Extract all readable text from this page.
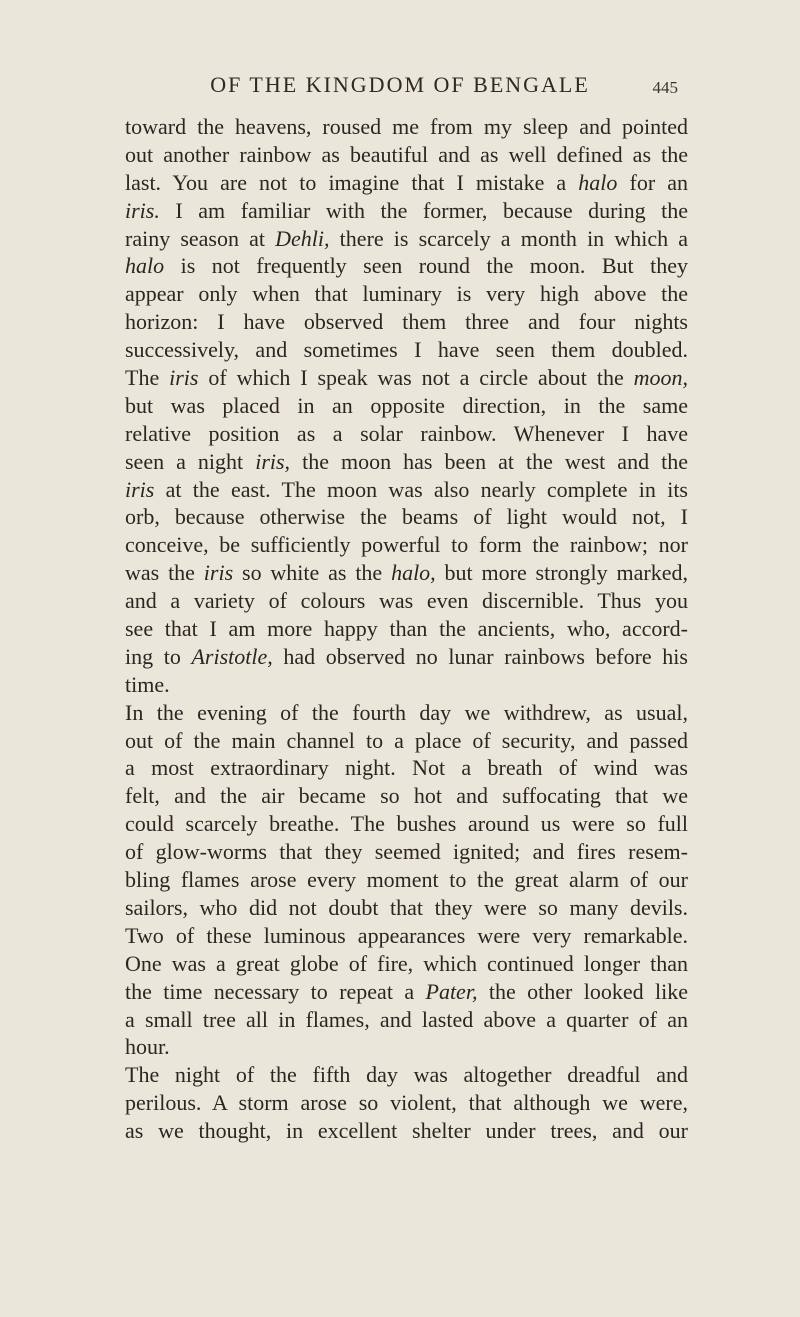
OF THE KINGDOM OF BENGALE	445
toward the heavens, roused me from my sleep and pointed
out another rainbow as beautiful and as well defined as the
last. You are not to imagine that I mistake a halo for an
iris. I am familiar with the former, because during the
rainy season at Dehli, there is scarcely a month in which a
halo is not frequently seen round the moon. But they
appear only when that luminary is very high above the
horizon: I have observed them three and four nights
successively, and sometimes I have seen them doubled.
The iris of which I speak was not a circle about the moon,
but was placed in an opposite direction, in the same
relative position as a solar rainbow. Whenever I have
seen a night iris, the moon has been at the west and the
iris at the east. The moon was also nearly complete in its
orb, because otherwise the beams of light would not, I
conceive, be sufficiently powerful to form the rainbow; nor
was the iris so white as the halo, but more strongly marked,
and a variety of colours was even discernible. Thus you
see that I am more happy than the ancients, who, accord-
ing to Aristotle, had observed no lunar rainbows before his
time.
In the evening of the fourth day we withdrew, as usual,
out of the main channel to a place of security, and passed
a most extraordinary night. Not a breath of wind was
felt, and the air became so hot and suffocating that we
could scarcely breathe. The bushes around us were so full
of glow-worms that they seemed ignited; and fires resem-
bling flames arose every moment to the great alarm of our
sailors, who did not doubt that they were so many devils.
Two of these luminous appearances were very remarkable.
One was a great globe of fire, which continued longer than
the time necessary to repeat a Pater, the other looked like
a small tree all in flames, and lasted above a quarter of an
hour.
The night of the fifth day was altogether dreadful and
perilous. A storm arose so violent, that although we were,
as we thought, in excellent shelter under trees, and our
